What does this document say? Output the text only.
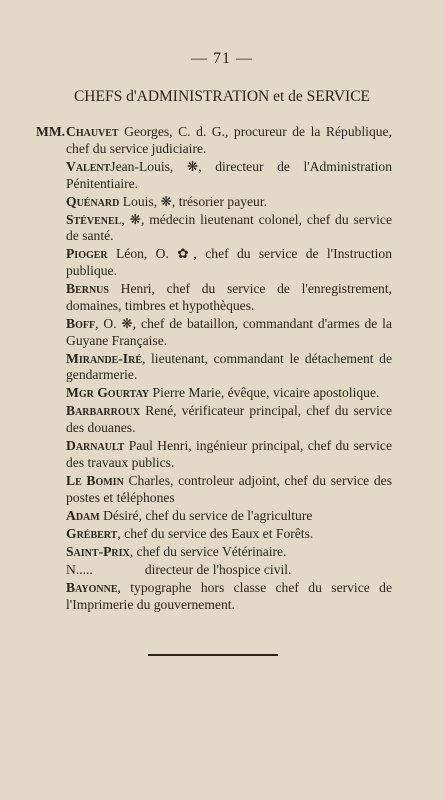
— 71 —
CHEFS d'ADMINISTRATION et de SERVICE
MM. Chauvet Georges, C. d. G., procureur de la République, chef du service judiciaire.

ValentJean-Louis, ❋, directeur de l'Administration Pénitentiaire.

Quénard Louis, ❋, trésorier payeur.

Stévenel, ❋, médecin lieutenant colonel, chef du service de santé.

Pioger Léon, O. ✿, chef du service de l'Instruction publique.

Bernus Henri, chef du service de l'enregistrement, domaines, timbres et hypothèques.

Boff, O. ❋, chef de bataillon, commandant d'armes de la Guyane Française.

Mirande-Iré, lieutenant, commandant le détachement de gendarmerie.

Mgr Gourtay Pierre Marie, évêque, vicaire apostolique.

Barbarroux René, vérificateur principal, chef du service des douanes.

Darnault Paul Henri, ingénieur principal, chef du service des travaux publics.

Le Bomin Charles, controleur adjoint, chef du service des postes et téléphones

Adam Désiré, chef du service de l'agriculture

Grébert, chef du service des Eaux et Forêts.

Saint-Prix, chef du service Vétérinaire.

N.....	directeur de l'hospice civil.

Bayonne, typographe hors classe chef du service de l'Imprimerie du gouvernement.
